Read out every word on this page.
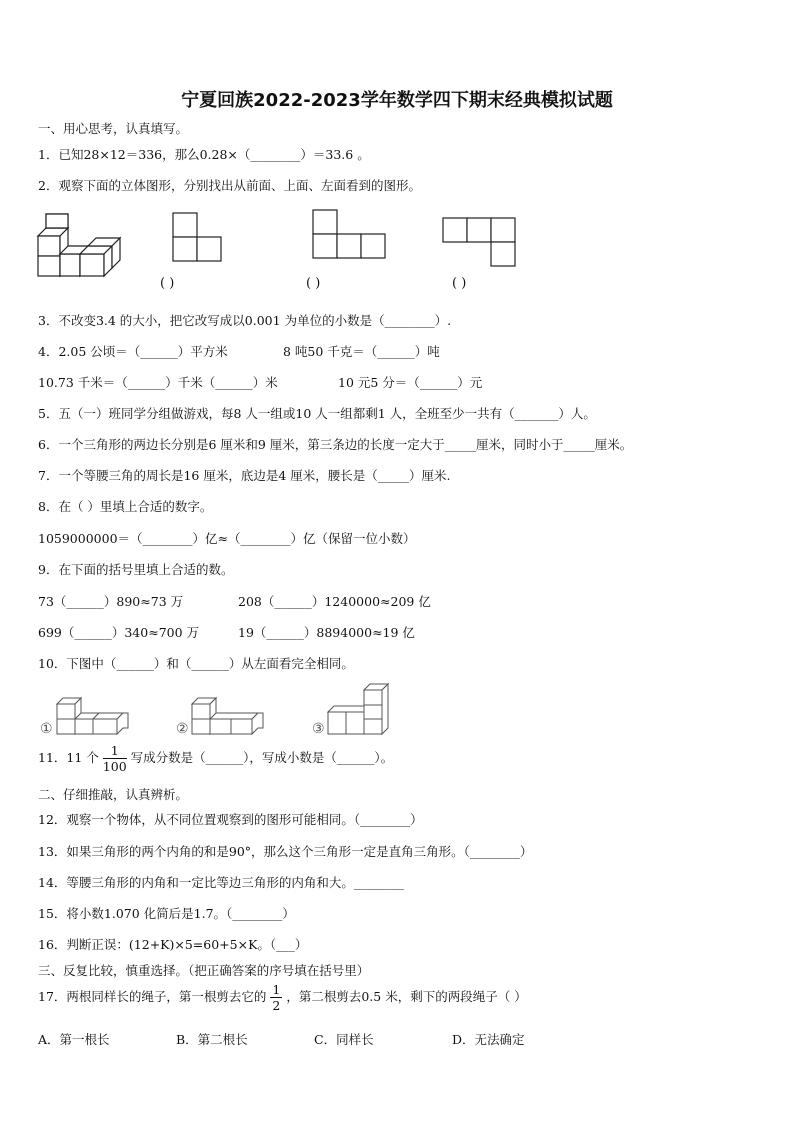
宁夏回族2022-2023学年数学四下期末经典模拟试题
一、用心思考，认真填写。
1．已知28×12＝336，那么0.28×（________）＝33.6 。
2．观察下面的立体图形，分别找出从前面、上面、左面看到的图形。
( )	( )	( )
3．不改变3.4 的大小，把它改写成以0.001 为单位的小数是（________）.
4．2.05 公顷＝（______）平方米	8 吨50 千克＝（______）吨
10.73 千米＝（______）千米（______）米	10 元5 分＝（______）元
5．五（一）班同学分组做游戏，每8 人一组或10 人一组都剩1 人，全班至少一共有（_______）人。
6．一个三角形的两边长分别是6 厘米和9 厘米，第三条边的长度一定大于_____厘米，同时小于_____厘米。
7．一个等腰三角的周长是16 厘米，底边是4 厘米，腰长是（_____）厘米.
8．在（ ）里填上合适的数字。
1059000000＝（________）亿≈（________）亿（保留一位小数）
9．在下面的括号里填上合适的数。
73（______）890≈73 万	208（______）1240000≈209 亿
699（______）340≈700 万	19（______）8894000≈19 亿
10．下图中（______）和（______）从左面看完全相同。
①	②	③
11．11 个 $\frac{1}{100}$ 写成分数是（______），写成小数是（______）。
二、仔细推敲，认真辨析。
12．观察一个物体，从不同位置观察到的图形可能相同。（________）
13．如果三角形的两个内角的和是90°，那么这个三角形一定是直角三角形。（________）
14．等腰三角形的内角和一定比等边三角形的内角和大。________
15．将小数1.070 化简后是1.7。（________）
16．判断正误：(12+K)×5=60+5×K。（___）
三、反复比较，慎重选择。（把正确答案的序号填在括号里）
17．两根同样长的绳子，第一根剪去它的 $\frac{1}{2}$ ，第二根剪去0.5 米，剩下的两段绳子（ ）
A．第一根长	B．第二根长	C．同样长	D．无法确定
